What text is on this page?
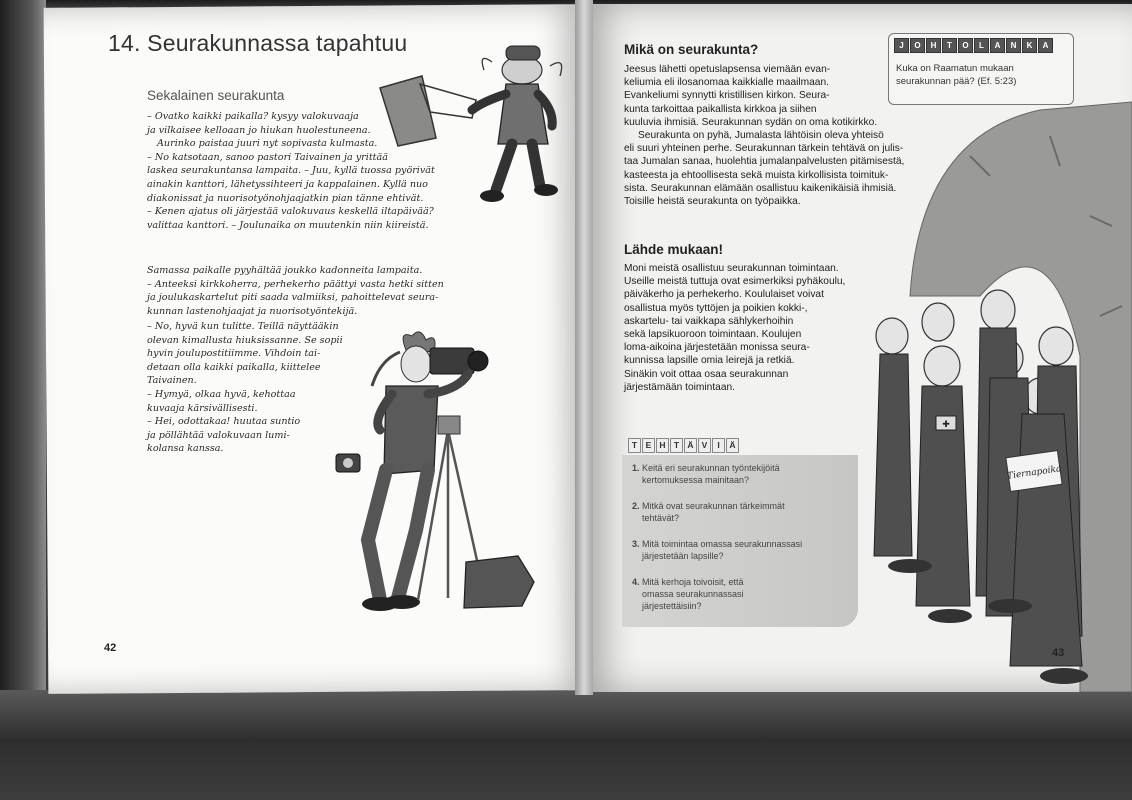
14. Seurakunnassa tapahtuu
Sekalainen seurakunta
– Ovatko kaikki paikalla? kysyy valokuvaaja
ja vilkaisee kelloaan jo hiukan huolestuneena.
Aurinko paistaa juuri nyt sopivasta kulmasta.
– No katsotaan, sanoo pastori Taivainen ja yrittää
laskea seurakuntansa lampaita. – Juu, kyllä tuossa pyörivät
ainakin kanttori, lähetyssihteeri ja kappalainen. Kyllä nuo
diakonissat ja nuorisotyönohjaajatkin pian tänne ehtivät.
– Kenen ajatus oli järjestää valokuvaus keskellä iltapäivää?
valittaa kanttori. – Joulunaika on muutenkin niin kiireistä.
Samassa paikalle pyyhältää joukko kadonneita lampaita.
– Anteeksi kirkkoherra, perhekerho päättyi vasta hetki sitten
ja joulukaskartelut piti saada valmiiksi, pahoittelevat seura-
kunnan lastenohjaajat ja nuorisotyöntekijä.
– No, hyvä kun tulitte. Teillä näyttääkin
olevan kimallusta hiuksissanne. Se sopii
hyvin joulupostitiimme. Vihdoin tai-
detaan olla kaikki paikalla, kiittelee
Taivainen.
– Hymyä, olkaa hyvä, kehottaa
kuvaaja kärsivällisesti.
– Hei, odottakaa! huutaa suntio
ja pöllähtää valokuvaan lumi-
kolansa kanssa.
42
Mikä on seurakunta?
Jeesus lähetti opetuslapsensa viemään evan-
keliumia eli ilosanomaa kaikkialle maailmaan.
Evankeliumi synnytti kristillisen kirkon. Seura-
kunta tarkoittaa paikallista kirkkoa ja siihen
kuuluvia ihmisiä. Seurakunnan sydän on oma kotikirkko.
Seurakunta on pyhä, Jumalasta lähtöisin oleva yhteisö
eli suuri yhteinen perhe. Seurakunnan tärkein tehtävä on julis-
taa Jumalan sanaa, huolehtia jumalanpalvelusten pitämisestä,
kasteesta ja ehtoollisesta sekä muista kirkollisista toimituk-
sista. Seurakunnan elämään osallistuu kaikenikäisiä ihmisiä.
Toisille heistä seurakunta on työpaikka.
Lähde mukaan!
Moni meistä osallistuu seurakunnan toimintaan.
Useille meistä tuttuja ovat esimerkiksi pyhäkoulu,
päiväkerho ja perhekerho. Koululaiset voivat
osallistua myös tyttöjen ja poikien kokki-,
askartelu- tai vaikkapa sählykerhoihin
sekä lapsikuoroon toimintaan. Koulujen
loma-aikoina järjestetään monissa seura-
kunnissa lapsille omia leirejä ja retkiä.
Sinäkin voit ottaa osaa seurakunnan
järjestämään toimintaan.
J	O	H	T	O	L	A	N	K	A
Kuka on Raamatun mukaan
seurakunnan pää? (Ef. 5:23)
✚
Tiernapoika
T	E H T Ä V	I	Ä
1. Keitä eri seurakunnan työntekijöitä
kertomuksessa mainitaan?
2. Mitkä ovat seurakunnan tärkeimmät
tehtävät?
3. Mitä toimintaa omassa seurakunnassasi
järjestetään lapsille?
4. Mitä kerhoja toivoisit, että
omassa seurakunnassasi
järjestettäisiin?
43
